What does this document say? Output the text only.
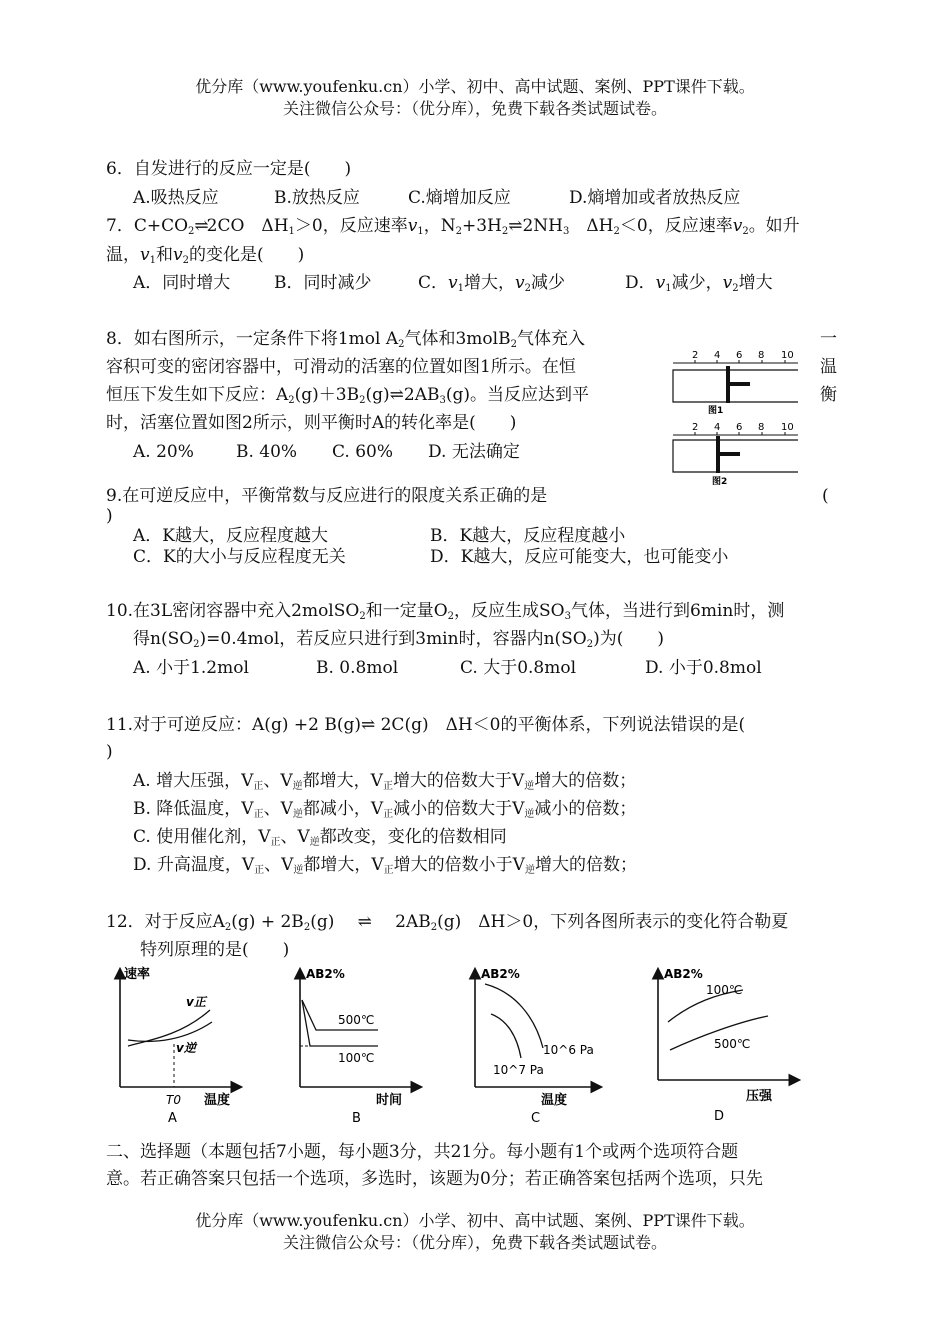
优分库（www.youfenku.cn）小学、初中、高中试题、案例、PPT课件下载。
关注微信公众号：（优分库），免费下载各类试题试卷。
6．自发进行的反应一定是(　　)
A.吸热反应	B.放热反应	C.熵增加反应	D.熵增加或者放热反应
7．$C+CO_2\rightleftharpoons 2CO$　$\Delta H_1>0$，反应速率$v_1$，$N_2+3H_2\rightleftharpoons 2NH_3$　 $\Delta H_2<0$，反应速率$v_2$。如升
温，$v_1$和$v_2$的变化是(　　)
A．同时增大	B．同时减少	C．$v_1$增大，$v_2$减少	D．$v_1$减少，$v_2$增大
8．如右图所示，一定条件下将1mol $A_2$气体和3molB$_2$气体充入	一
容积可变的密闭容器中，可滑动的活塞的位置如图1所示。在恒	温
恒压下发生如下反应：$A_2(g)+3B_2(g)\rightleftharpoons 2AB_3(g)$。当反应达到平	衡
时，活塞位置如图2所示，则平衡时A的转化率是(　　)
A. 20% B. 40% C. 60% D. 无法确定
2 4 6 8 10
图1
2 4 6 8 10
图2
9.在可逆反应中，平衡常数与反应进行的限度关系正确的是	(
)
A．K越大，反应程度越大	B．K越大，反应程度越小
C．K的大小与反应程度无关	D．K越大，反应可能变大，也可能变小
10.在3L密闭容器中充入2molSO$_2$和一定量$O_2$，反应生成$SO_3$气体，当进行到6min时，测
得$n(SO_2)=0.4mol$，若反应只进行到3min时，容器内$n(SO_2)$为(　　)
A. 小于1.2mol	B. 0.8mol	C. 大于0.8mol	D. 小于0.8mol
11.对于可逆反应：A(g) +2 B(g)⇌ 2C(g)　ΔH＜0的平衡体系，下列说法错误的是(
)
A. 增大压强，$V_正$、$V_逆$都增大，$V_正$增大的倍数大于$V_逆$增大的倍数；
B. 降低温度，$V_正$、$V_逆$都减小，$V_正$减小的倍数大于$V_逆$减小的倍数；
C. 使用催化剂，$V_正$、$V_逆$都改变，变化的倍数相同
D. 升高温度，$V_正$、$V_逆$都增大，$V_正$增大的倍数小于$V_逆$增大的倍数；
12．对于反应$A_2(g) + 2B_2(g)$ ⇌ $2AB_2(g)$　ΔH＞0，下列各图所表示的变化符合勒夏
特列原理的是(　　)
速率
v正
v逆
T0 温度
A
AB2%
500℃
100℃
时间
B
AB2%
10^6 Pa
10^7 Pa
温度
C
AB2%
100℃
500℃
压强
D
二、选择题（本题包括7小题，每小题3分，共21分。每小题有1个或两个选项符合题
意。若正确答案只包括一个选项，多选时，该题为0分；若正确答案包括两个选项，只先
优分库（www.youfenku.cn）小学、初中、高中试题、案例、PPT课件下载。
关注微信公众号：（优分库），免费下载各类试题试卷。
